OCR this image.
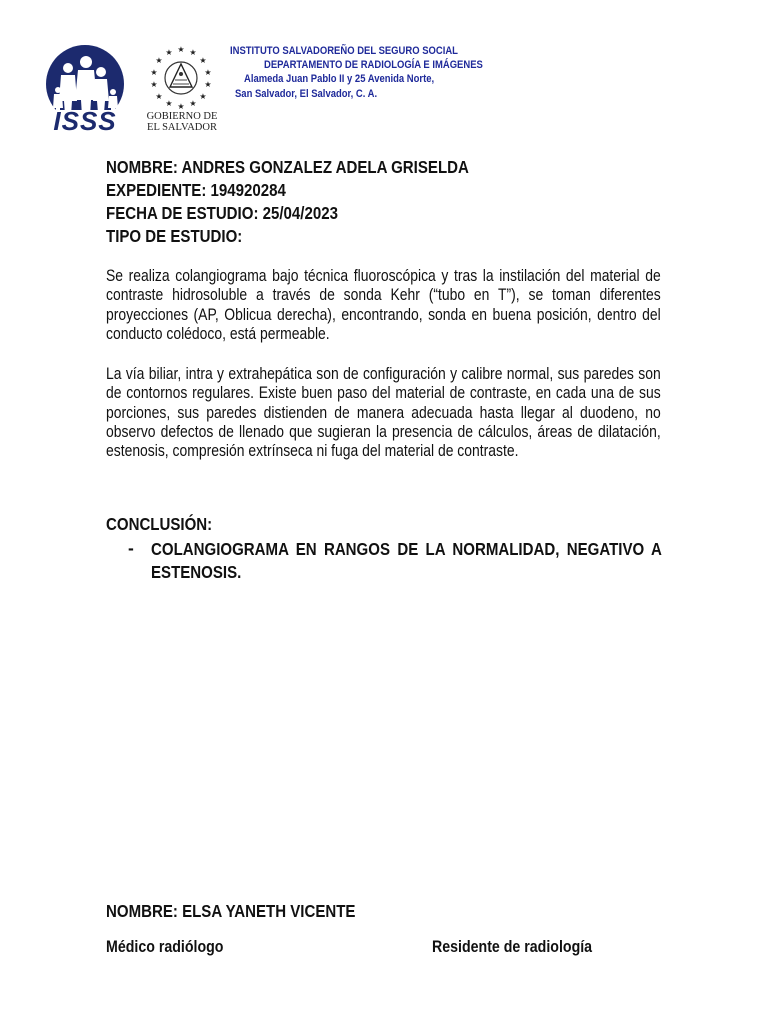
ISSS
★
★ ★
★	★
★	★
★	★
★	★
★ ★
★
GOBIERNO DE
EL SALVADOR
INSTITUTO SALVADOREÑO DEL SEGURO SOCIAL
DEPARTAMENTO DE RADIOLOGÍA E IMÁGENES
Alameda Juan Pablo II y 25 Avenida Norte,
San Salvador, El Salvador, C. A.
NOMBRE: ANDRES GONZALEZ ADELA GRISELDA
EXPEDIENTE: 194920284
FECHA DE ESTUDIO: 25/04/2023
TIPO DE ESTUDIO:
Se realiza colangiograma bajo técnica fluoroscópica y tras la instilación del material de contraste hidrosoluble a través de sonda Kehr (“tubo en T”), se toman diferentes proyecciones (AP, Oblicua derecha), encontrando, sonda en buena posición, dentro del conducto colédoco, está permeable.
La vía biliar, intra y extrahepática son de configuración y calibre normal, sus paredes son de contornos regulares. Existe buen paso del material de contraste, en cada una de sus porciones, sus paredes distienden de manera adecuada hasta llegar al duodeno, no observo defectos de llenado que sugieran la presencia de cálculos, áreas de dilatación, estenosis, compresión extrínseca ni fuga del material de contraste.
CONCLUSIÓN:
- COLANGIOGRAMA EN RANGOS DE LA NORMALIDAD, NEGATIVO A ESTENOSIS.
NOMBRE: ELSA YANETH VICENTE
Médico radiólogo	Residente de radiología
